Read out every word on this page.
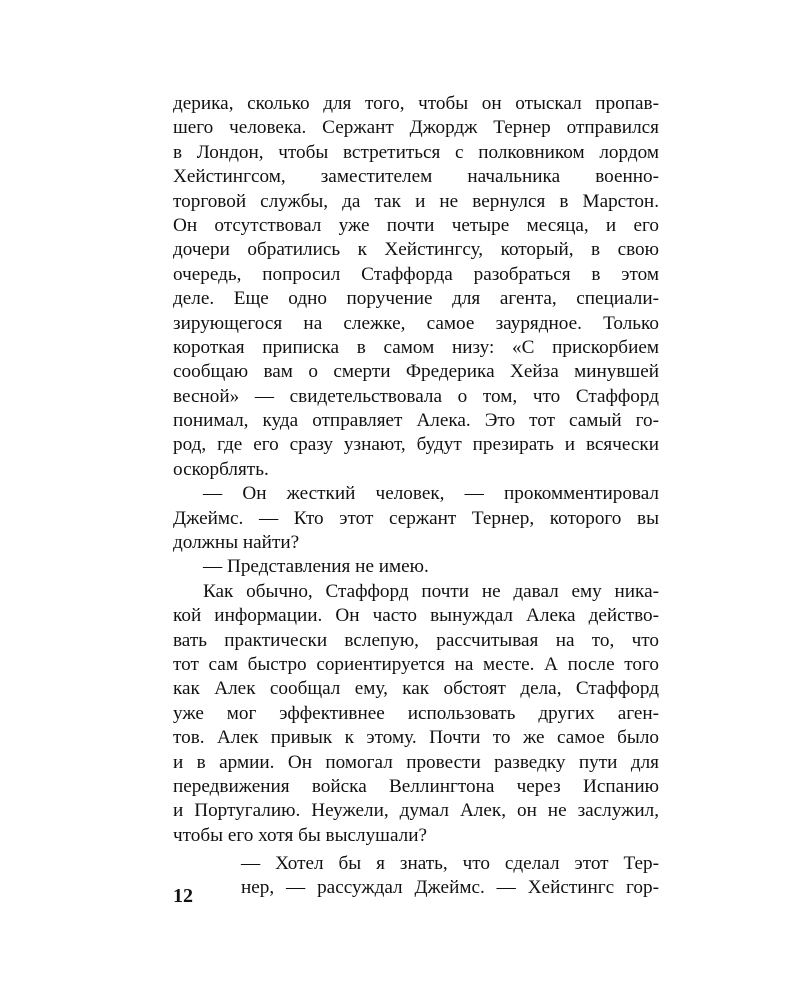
дерика, сколько для того, чтобы он отыскал пропав-
шего человека. Сержант Джордж Тернер отправился
в Лондон, чтобы встретиться с полковником лордом
Хейстингсом, заместителем начальника военно-
торговой службы, да так и не вернулся в Марстон.
Он отсутствовал уже почти четыре месяца, и его
дочери обратились к Хейстингсу, который, в свою
очередь, попросил Стаффорда разобраться в этом
деле. Еще одно поручение для агента, специали-
зирующегося на слежке, самое заурядное. Только
короткая приписка в самом низу: «С прискорбием
сообщаю вам о смерти Фредерика Хейза минувшей
весной» — свидетельствовала о том, что Стаффорд
понимал, куда отправляет Алека. Это тот самый го-
род, где его сразу узнают, будут презирать и всячески
оскорблять.
— Он жесткий человек, — прокомментировал
Джеймс. — Кто этот сержант Тернер, которого вы
должны найти?
— Представления не имею.
Как обычно, Стаффорд почти не давал ему ника-
кой информации. Он часто вынуждал Алека действо-
вать практически вслепую, рассчитывая на то, что
тот сам быстро сориентируется на месте. А после того
как Алек сообщал ему, как обстоят дела, Стаффорд
уже мог эффективнее использовать других аген-
тов. Алек привык к этому. Почти то же самое было
и в армии. Он помогал провести разведку пути для
передвижения войска Веллингтона через Испанию
и Португалию. Неужели, думал Алек, он не заслужил,
чтобы его хотя бы выслушали?
— Хотел бы я знать, что сделал этот Тер-
нер, — рассуждал Джеймс. — Хейстингс гор-
12
